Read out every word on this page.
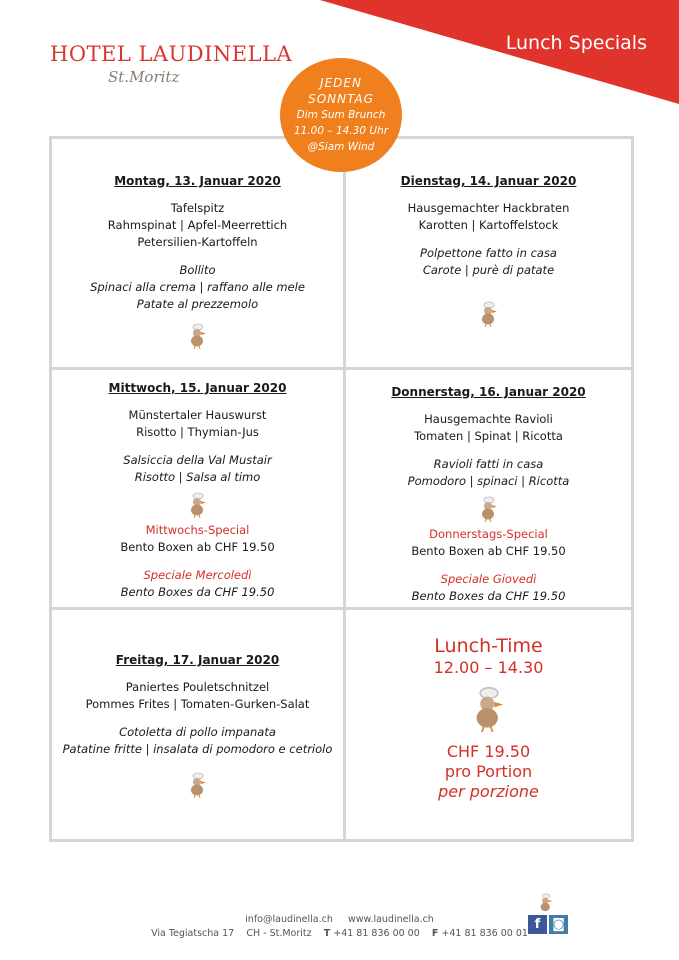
Lunch Specials
HOTEL LAUDINELLA
St.Moritz	JEDEN
SONNTAG
Dim Sum Brunch
11.00 – 14.30 Uhr
@Siam Wind
Montag, 13. Januar 2020
Tafelspitz
Rahmspinat | Apfel-Meerrettich
Petersilien-Kartoffeln
Bollito
Spinaci alla crema | raffano alle mele
Patate al prezzemolo
Dienstag, 14. Januar 2020
Hausgemachter Hackbraten
Karotten | Kartoffelstock
Polpettone fatto in casa
Carote | purè di patate
Mittwoch, 15. Januar 2020
Münstertaler Hauswurst
Risotto | Thymian-Jus
Salsiccia della Val Mustair
Risotto | Salsa al timo
Mittwochs-Special
Bento Boxen ab CHF 19.50
Speciale Mercoledì
Bento Boxes da CHF 19.50
Donnerstag, 16. Januar 2020
Hausgemachte Ravioli
Tomaten | Spinat | Ricotta
Ravioli fatti in casa
Pomodoro | spinaci | Ricotta
Donnerstags-Special
Bento Boxen ab CHF 19.50
Speciale Giovedì
Bento Boxes da CHF 19.50
Freitag, 17. Januar 2020
Paniertes Pouletschnitzel
Pommes Frites | Tomaten-Gurken-Salat
Cotoletta di pollo impanata
Patatine fritte | insalata di pomodoro e cetriolo
Lunch-Time
12.00 – 14.30
CHF 19.50
pro Portion
per porzione
info@laudinella.ch www.laudinella.ch
Via Tegiatscha 17 CH - St.Moritz T +41 81 836 00 00 F +41 81 836 00 01
f ◙
